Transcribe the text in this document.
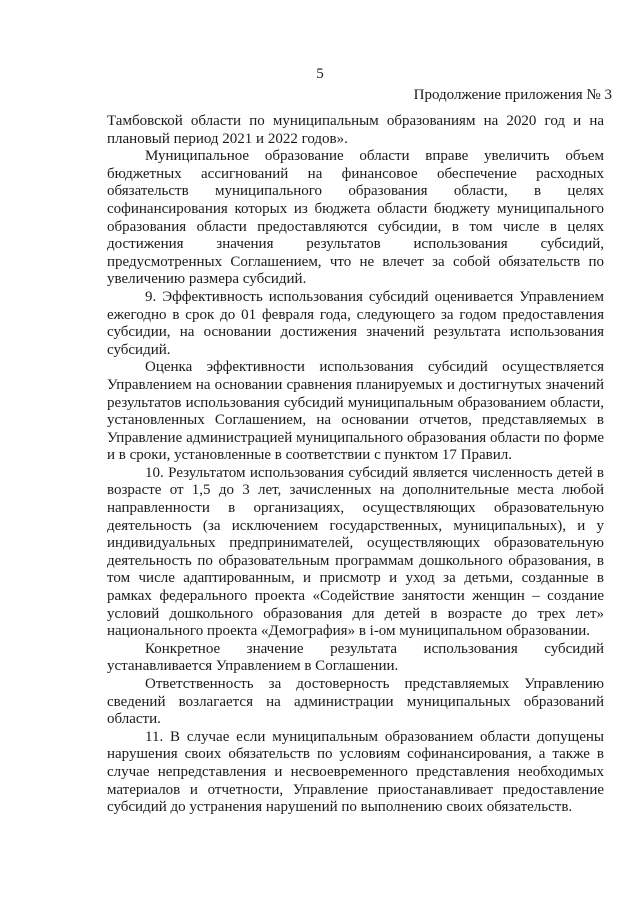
5
Продолжение приложения № 3

Тамбовской области по муниципальным образованиям на 2020 год и на плановый период 2021 и 2022 годов».

Муниципальное образование области вправе увеличить объем бюджетных ассигнований на финансовое обеспечение расходных обязательств муниципального образования области, в целях софинансирования которых из бюджета области бюджету муниципального образования области предоставляются субсидии, в том числе в целях достижения значения результатов использования субсидий, предусмотренных Соглашением, что не влечет за собой обязательств по увеличению размера субсидий.

9. Эффективность использования субсидий оценивается Управлением ежегодно в срок до 01 февраля года, следующего за годом предоставления субсидии, на основании достижения значений результата использования субсидий.

Оценка эффективности использования субсидий осуществляется Управлением на основании сравнения планируемых и достигнутых значений результатов использования субсидий муниципальным образованием области, установленных Соглашением, на основании отчетов, представляемых в Управление администрацией муниципального образования области по форме и в сроки, установленные в соответствии с пунктом 17 Правил.

10. Результатом использования субсидий является численность детей в возрасте от 1,5 до 3 лет, зачисленных на дополнительные места любой направленности в организациях, осуществляющих образовательную деятельность (за исключением государственных, муниципальных), и у индивидуальных предпринимателей, осуществляющих образовательную деятельность по образовательным программам дошкольного образования, в том числе адаптированным, и присмотр и уход за детьми, созданные в рамках федерального проекта «Содействие занятости женщин – создание условий дошкольного образования для детей в возрасте до трех лет» национального проекта «Демография» в i-ом муниципальном образовании.

Конкретное значение результата использования субсидий устанавливается Управлением в Соглашении.

Ответственность за достоверность представляемых Управлению сведений возлагается на администрации муниципальных образований области.

11. В случае если муниципальным образованием области допущены нарушения своих обязательств по условиям софинансирования, а также в случае непредставления и несвоевременного представления необходимых материалов и отчетности, Управление приостанавливает предоставление субсидий до устранения нарушений по выполнению своих обязательств.
